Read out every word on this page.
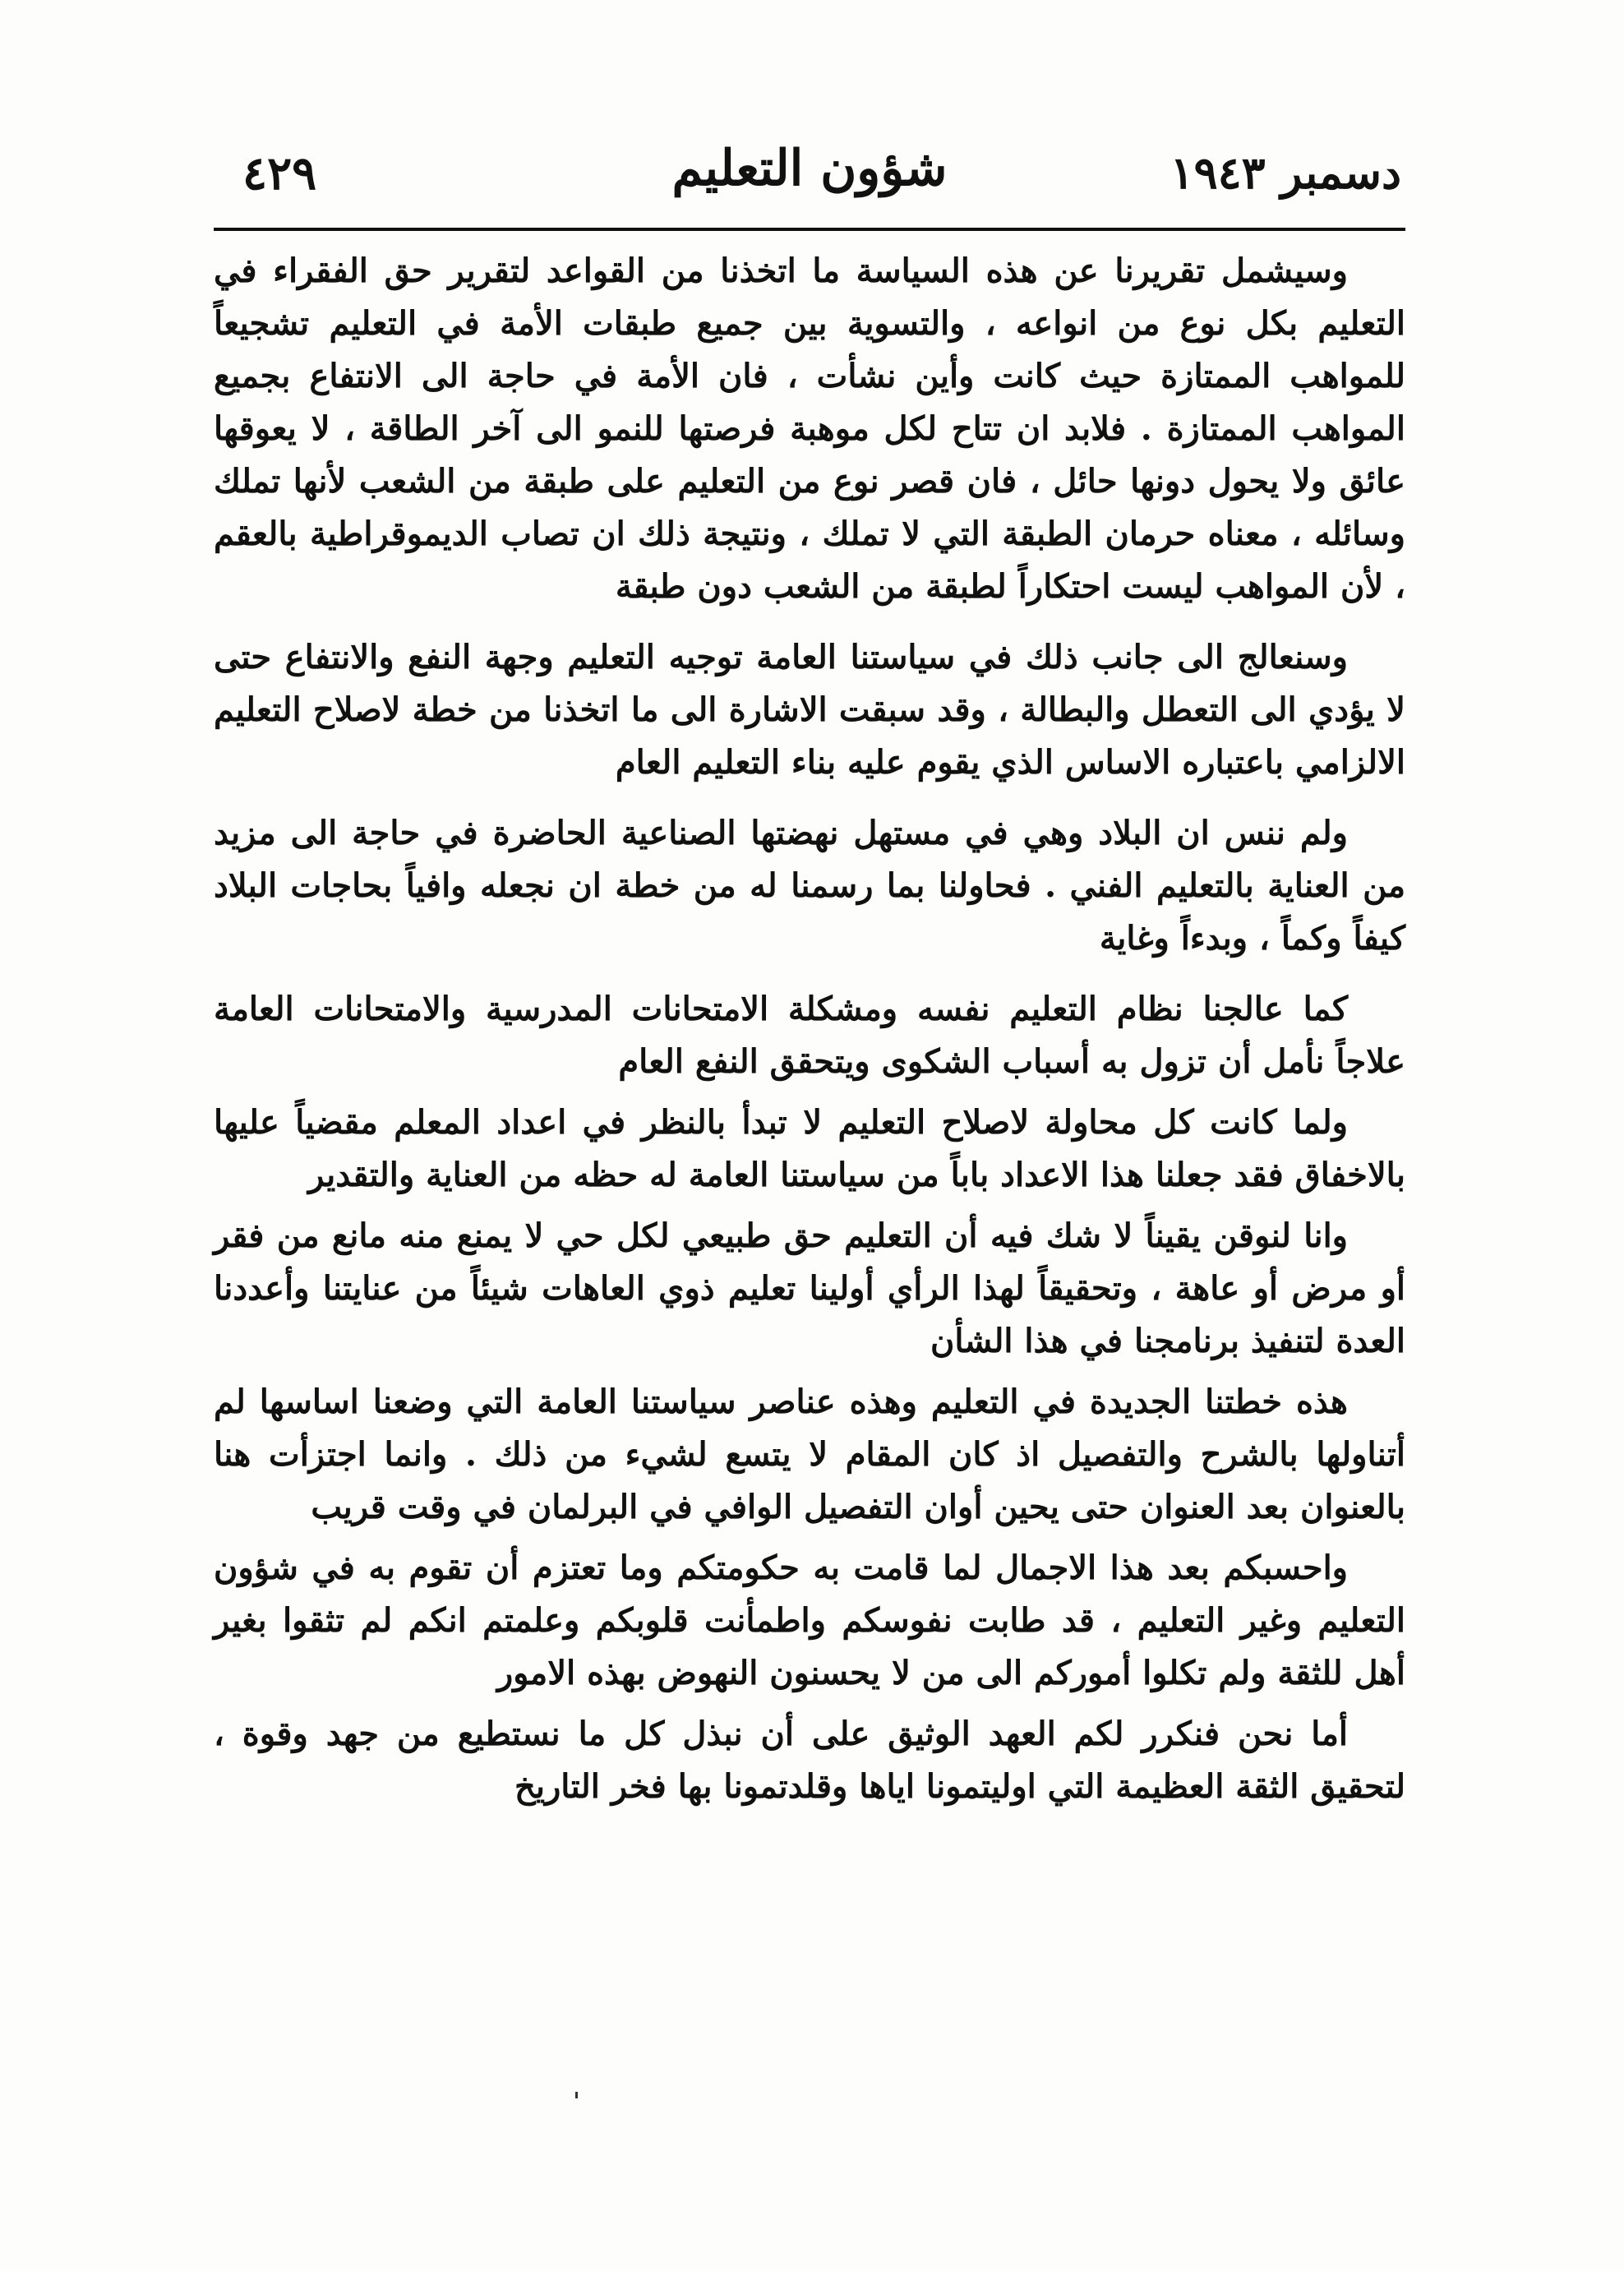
دسمبر ١٩٤٣
شؤون التعليم
٤٢٩

وسيشمل تقريرنا عن هذه السياسة ما اتخذنا من القواعد لتقرير حق الفقراء في التعليم بكل نوع من انواعه ، والتسوية بين جميع طبقات الأمة في التعليم تشجيعاً للمواهب الممتازة حيث كانت وأين نشأت ، فان الأمة في حاجة الى الانتفاع بجميع المواهب الممتازة . فلابد ان تتاح لكل موهبة فرصتها للنمو الى آخر الطاقة ، لا يعوقها عائق ولا يحول دونها حائل ، فان قصر نوع من التعليم على طبقة من الشعب لأنها تملك وسائله ، معناه حرمان الطبقة التي لا تملك ، ونتيجة ذلك ان تصاب الديموقراطية بالعقم ، لأن المواهب ليست احتكاراً لطبقة من الشعب دون طبقة

وسنعالج الى جانب ذلك في سياستنا العامة توجيه التعليم وجهة النفع والانتفاع حتى لا يؤدي الى التعطل والبطالة ، وقد سبقت الاشارة الى ما اتخذنا من خطة لاصلاح التعليم الالزامي باعتباره الاساس الذي يقوم عليه بناء التعليم العام

ولم ننس ان البلاد وهي في مستهل نهضتها الصناعية الحاضرة في حاجة الى مزيد من العناية بالتعليم الفني . فحاولنا بما رسمنا له من خطة ان نجعله وافياً بحاجات البلاد كيفاً وكماً ، وبدءاً وغاية

كما عالجنا نظام التعليم نفسه ومشكلة الامتحانات المدرسية والامتحانات العامة علاجاً نأمل أن تزول به أسباب الشكوى ويتحقق النفع العام

ولما كانت كل محاولة لاصلاح التعليم لا تبدأ بالنظر في اعداد المعلم مقضياً عليها بالاخفاق فقد جعلنا هذا الاعداد باباً من سياستنا العامة له حظه من العناية والتقدير

وانا لنوقن يقيناً لا شك فيه أن التعليم حق طبيعي لكل حي لا يمنع منه مانع من فقر أو مرض أو عاهة ، وتحقيقاً لهذا الرأي أولينا تعليم ذوي العاهات شيئاً من عنايتنا وأعددنا العدة لتنفيذ برنامجنا في هذا الشأن

هذه خطتنا الجديدة في التعليم وهذه عناصر سياستنا العامة التي وضعنا اساسها لم أتناولها بالشرح والتفصيل اذ كان المقام لا يتسع لشيء من ذلك . وانما اجتزأت هنا بالعنوان بعد العنوان حتى يحين أوان التفصيل الوافي في البرلمان في وقت قريب

واحسبكم بعد هذا الاجمال لما قامت به حكومتكم وما تعتزم أن تقوم به في شؤون التعليم وغير التعليم ، قد طابت نفوسكم واطمأنت قلوبكم وعلمتم انكم لم تثقوا بغير أهل للثقة ولم تكلوا أموركم الى من لا يحسنون النهوض بهذه الامور

أما نحن فنكرر لكم العهد الوثيق على أن نبذل كل ما نستطيع من جهد وقوة ، لتحقيق الثقة العظيمة التي اوليتمونا اياها وقلدتمونا بها فخر التاريخ
